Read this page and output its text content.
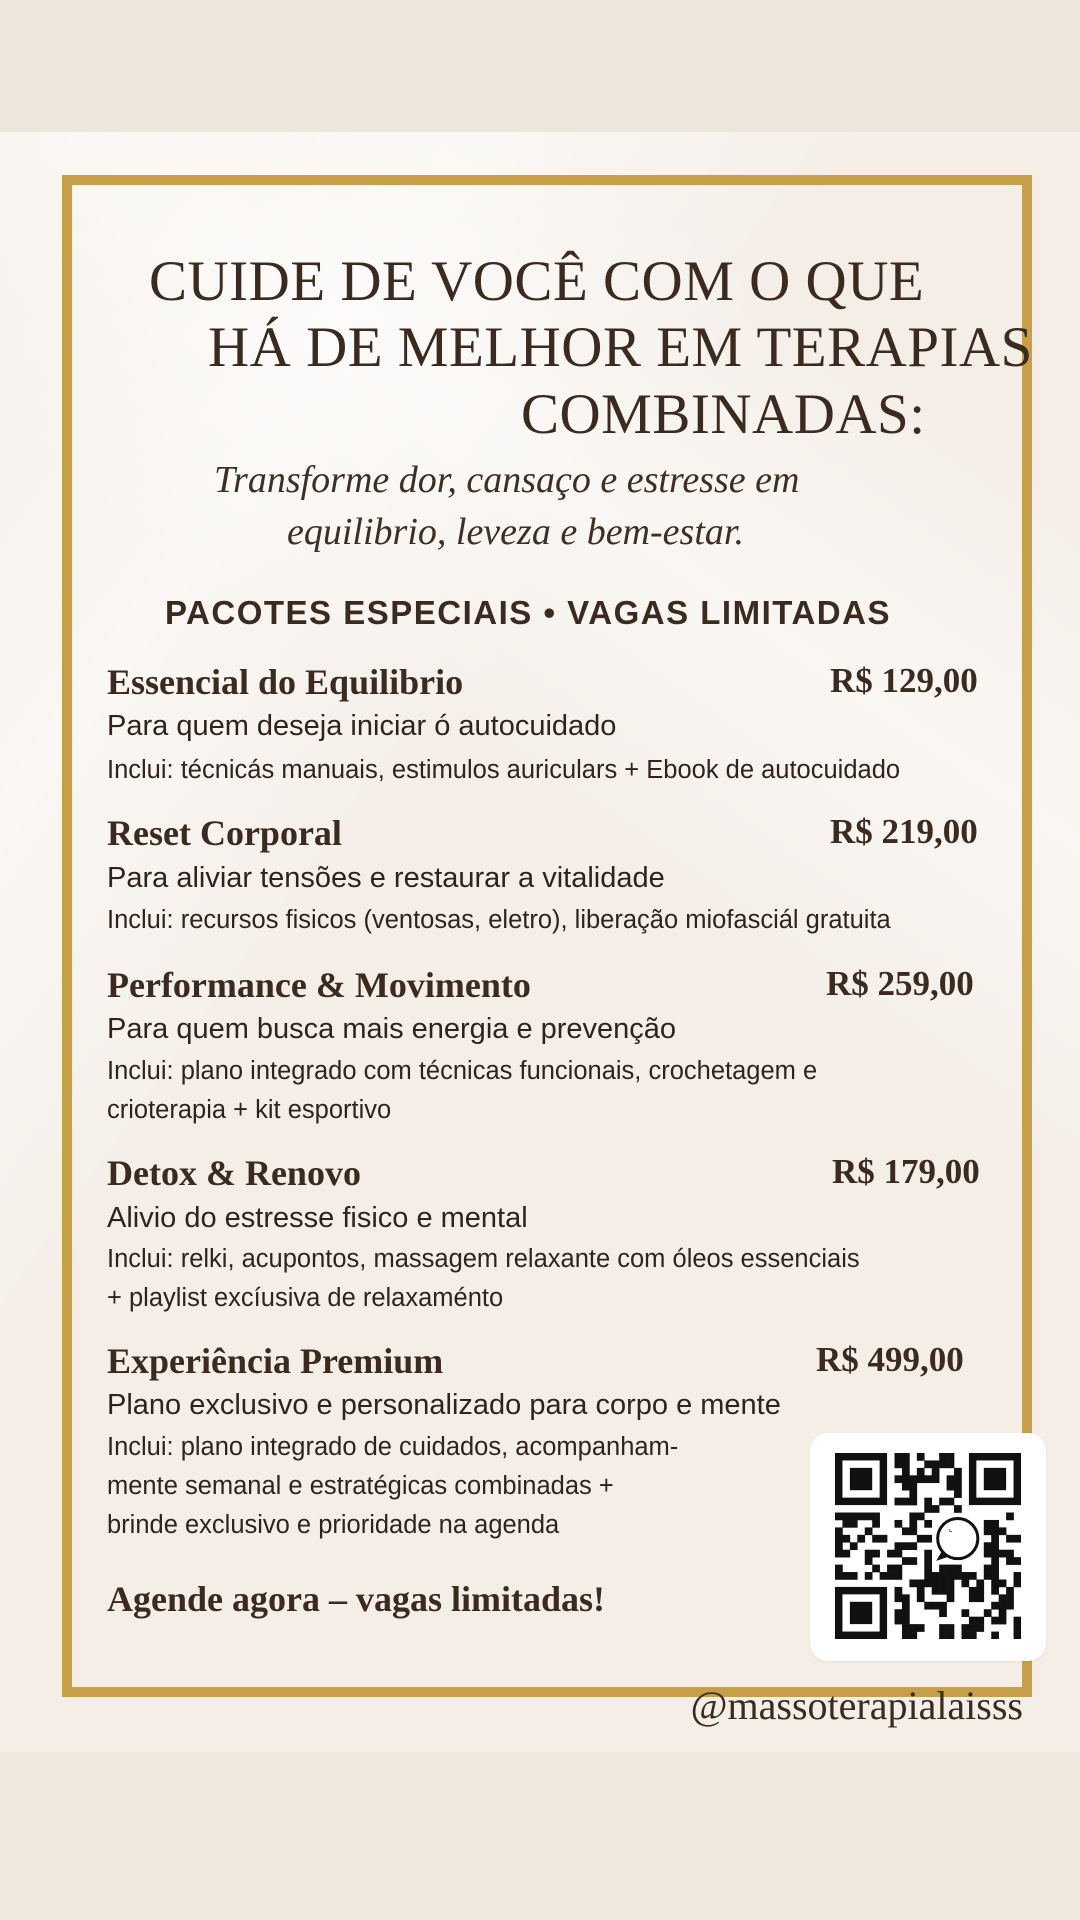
CUIDE DE VOCÊ COM O QUE
HÁ DE MELHOR EM TERAPIAS
COMBINADAS:
Transforme dor, cansaço e estresse em
equilibrio, leveza e bem-estar.
PACOTES ESPECIAIS • VAGAS LIMITADAS
Essencial do Equilibrio	R$ 129,00
Para quem deseja iniciar ó autocuidado
Inclui: técnicás manuais, estimulos auriculars + Ebook de autocuidado
Reset Corporal	R$ 219,00
Para aliviar tensões e restaurar a vitalidade
Inclui: recursos fisicos (ventosas, eletro), liberação miofasciál gratuita
Performance & Movimento	R$ 259,00
Para quem busca mais energia e prevenção
Inclui: plano integrado com técnicas funcionais, crochetagem e
crioterapia + kit esportivo
Detox & Renovo	R$ 179,00
Alivio do estresse fisico e mental
Inclui: relki, acupontos, massagem relaxante com óleos essenciais
+ playlist excíusiva de relaxaménto
Experiência Premium	R$ 499,00
Plano exclusivo e personalizado para corpo e mente
Inclui: plano integrado de cuidados, acompanham-
mente semanal e estratégicas combinadas +
brinde exclusivo e prioridade na agenda
Agende agora – vagas limitadas!
@massoterapialaisss
